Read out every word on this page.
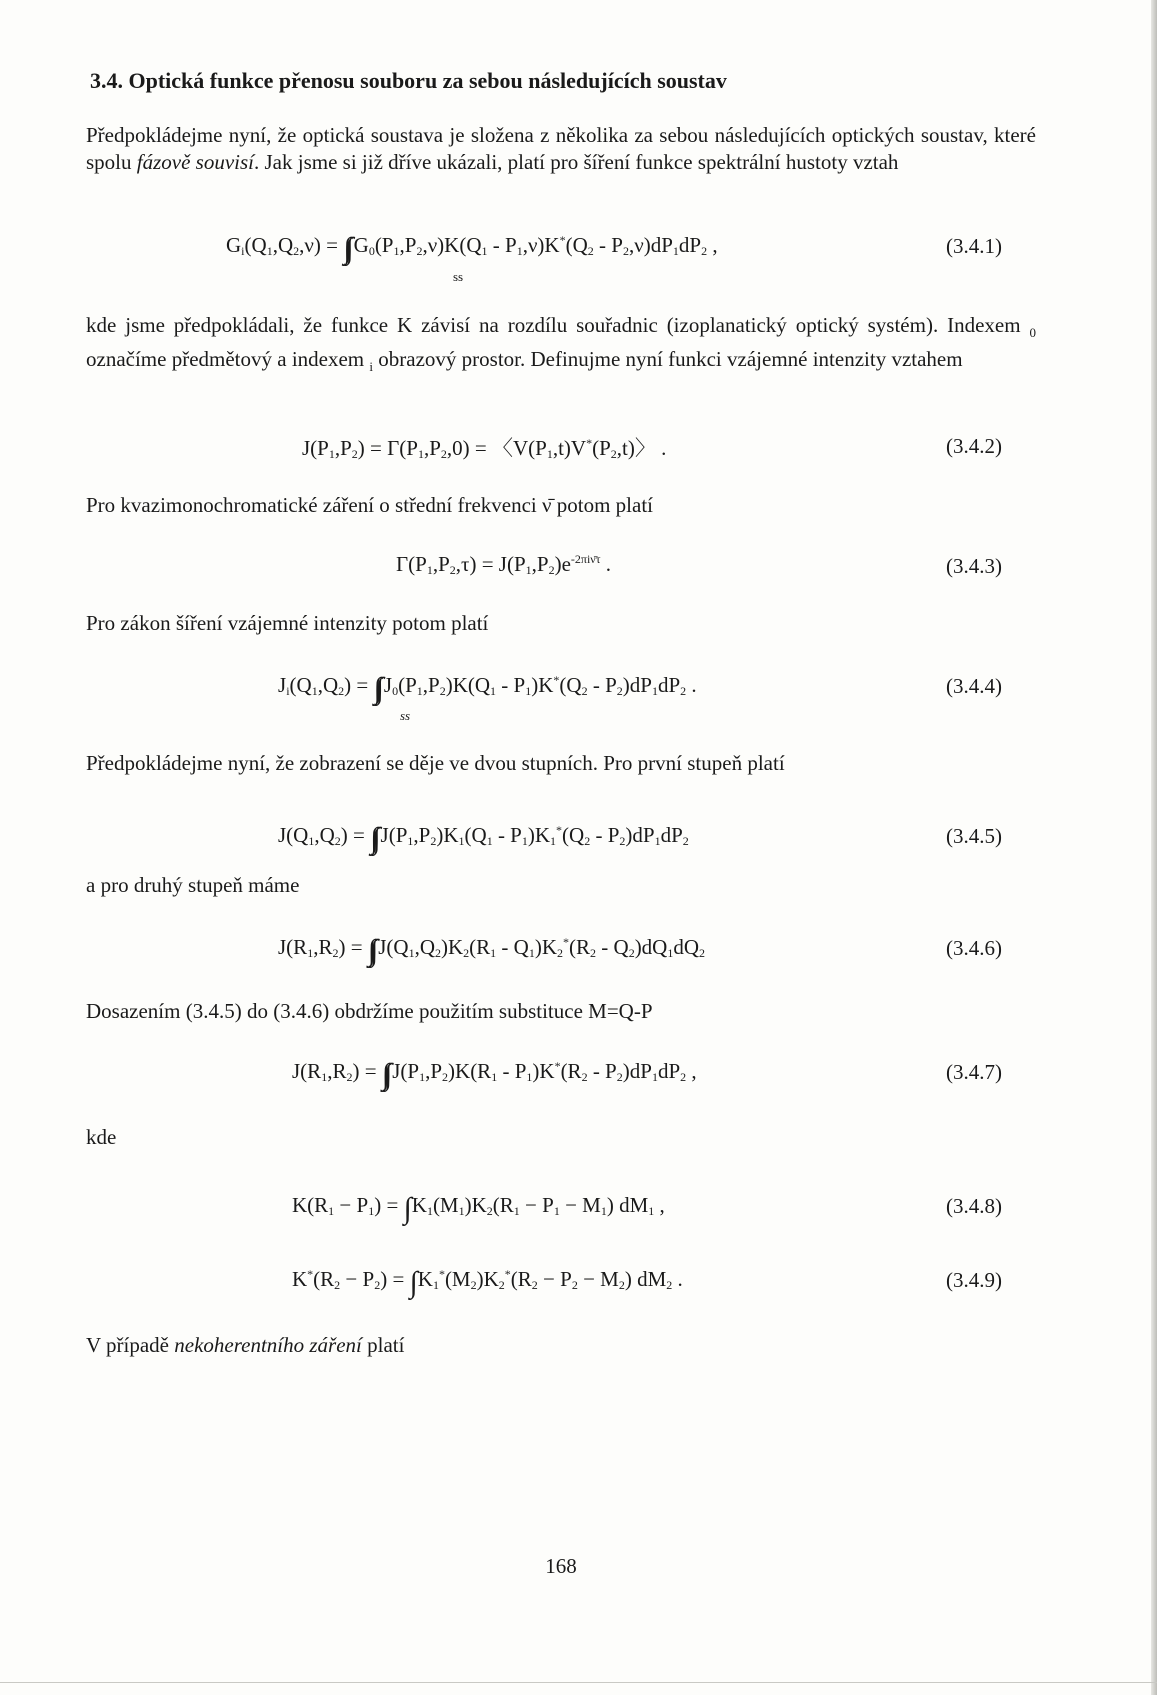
3.4. Optická funkce přenosu souboru za sebou následujících soustav

Předpokládejme nyní, že optická soustava je složena z několika za sebou následujících optických soustav, které spolu fázově souvisí. Jak jsme si již dříve ukázali, platí pro šíření funkce spektrální hustoty vztah

$G_i(Q_1,Q_2,\nu)$ = ∫∫ $G_0(P_1,P_2,\nu)K(Q_1 - P_1,\nu)K^*(Q_2 - P_2,\nu)dP_1dP_2$ ,
ss
(3.4.1)

kde jsme předpokládali, že funkce K závisí na rozdílu souřadnic (izoplanatický optický systém). Indexem $_0$ označíme předmětový a indexem $_i$ obrazový prostor. Definujme nyní funkci vzájemné intenzity vztahem

$J(P_1,P_2) = \Gamma(P_1,P_2,0)$ = 〈$V(P_1,t)V^*(P_2,t)$〉 .	(3.4.2)

Pro kvazimonochromatické záření o střední frekvenci ν̄ potom platí

$\Gamma(P_1,P_2,\tau) = J(P_1,P_2)e^{-2\pi i\nū\tau}$ .	(3.4.3)

Pro zákon šíření vzájemné intenzity potom platí

$J_i(Q_1,Q_2)$ = ∫∫ $J_0(P_1,P_2)K(Q_1 - P_1)K^*(Q_2 - P_2)dP_1dP_2$ .
ss
(3.4.4)

Předpokládejme nyní, že zobrazení se děje ve dvou stupních. Pro první stupeň platí

$J(Q_1,Q_2)$ = ∫∫ $J(P_1,P_2)K_1(Q_1 - P_1)K_1^*(Q_2 - P_2)dP_1dP_2$	(3.4.5)

a pro druhý stupeň máme

$J(R_1,R_2)$ = ∫∫ $J(Q_1,Q_2)K_2(R_1 - Q_1)K_2^*(R_2 - Q_2)dQ_1dQ_2$	(3.4.6)

Dosazením (3.4.5) do (3.4.6) obdržíme použitím substituce M=Q-P

$J(R_1,R_2)$ = ∫∫ $J(P_1,P_2)K(R_1 - P_1)K^*(R_2 - P_2)dP_1dP_2$ ,	(3.4.7)

kde

$K(R_1 - P_1)$ = ∫ $K_1(M_1)K_2(R_1 - P_1 - M_1)$ $dM_1$ ,	(3.4.8)
$K^*(R_2 - P_2)$ = ∫ $K_1^*(M_2)K_2^*(R_2 - P_2 - M_2)$ $dM_2$ .	(3.4.9)

V případě nekoherentního záření platí

168
